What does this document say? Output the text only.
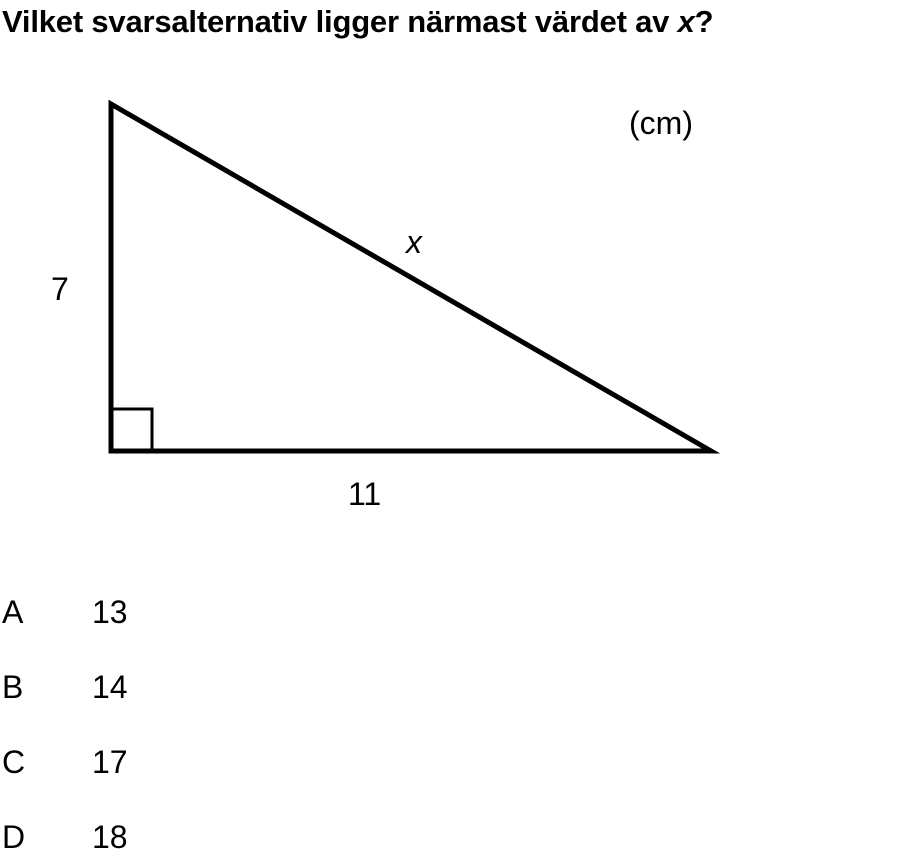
Vilket svarsalternativ ligger närmast värdet av x?
(cm)
x
7
11
A 13
B 14
C 17
D 18
